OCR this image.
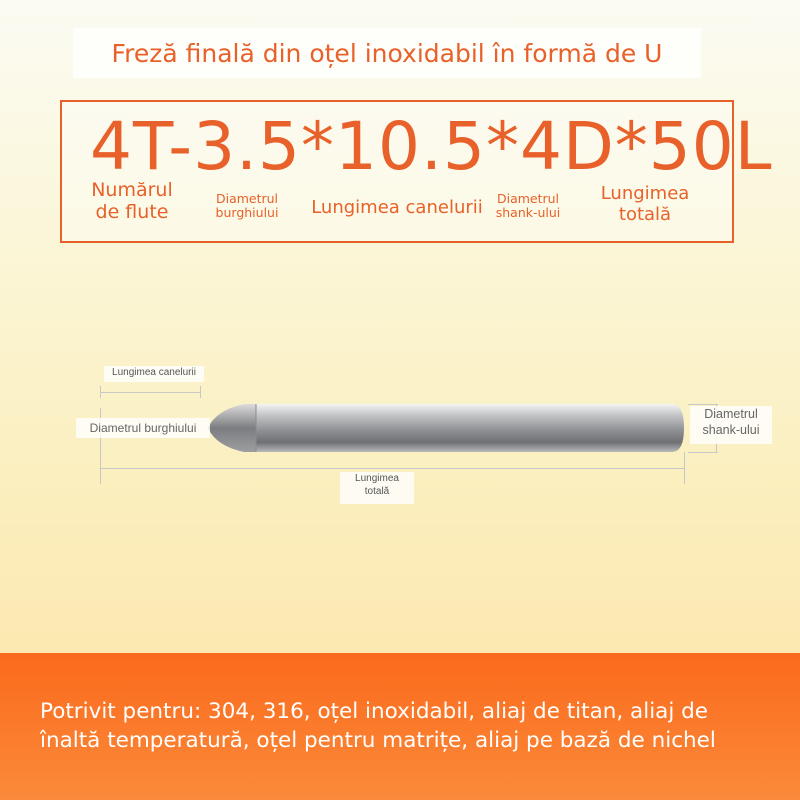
Freză finală din oțel inoxidabil în formă de U
4T-3.5*10.5*4D*50L
Numărul
de flute
Diametrul
burghiului	Lungimea canelurii	Diametrul
shank-ului
Lungimea
totală
Lungimea canelurii
Diametrul burghiului
Diametrul
shank-ului
Lungimea
totală
Potrivit pentru: 304, 316, oțel inoxidabil, aliaj de titan, aliaj de
înaltă temperatură, oțel pentru matrițe, aliaj pe bază de nichel
